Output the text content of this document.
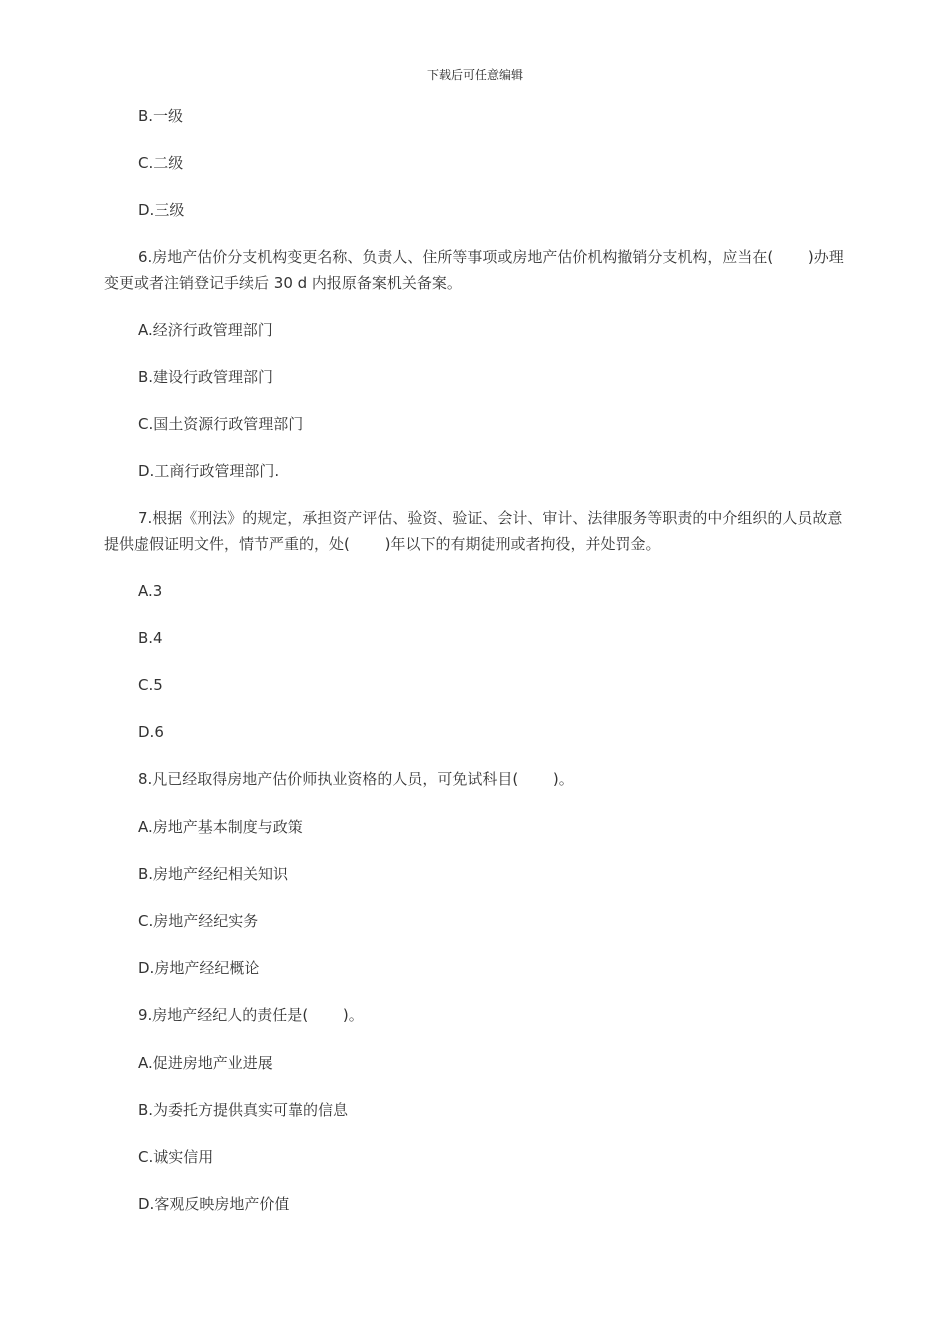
下载后可任意编辑
B.一级
C.二级
D.三级
6.房地产估价分支机构变更名称、负责人、住所等事项或房地产估价机构撤销分支机构，应当在(　　 )办理变更或者注销登记手续后 30 d 内报原备案机关备案。
A.经济行政管理部门
B.建设行政管理部门
C.国土资源行政管理部门
D.工商行政管理部门.
7.根据《刑法》的规定，承担资产评估、验资、验证、会计、审计、法律服务等职责的中介组织的人员故意提供虚假证明文件，情节严重的，处(　　 )年以下的有期徒刑或者拘役，并处罚金。
A.3
B.4
C.5
D.6
8.凡已经取得房地产估价师执业资格的人员，可免试科目(　　 )。
A.房地产基本制度与政策
B.房地产经纪相关知识
C.房地产经纪实务
D.房地产经纪概论
9.房地产经纪人的责任是(　　 )。
A.促进房地产业进展
B.为委托方提供真实可靠的信息
C.诚实信用
D.客观反映房地产价值
